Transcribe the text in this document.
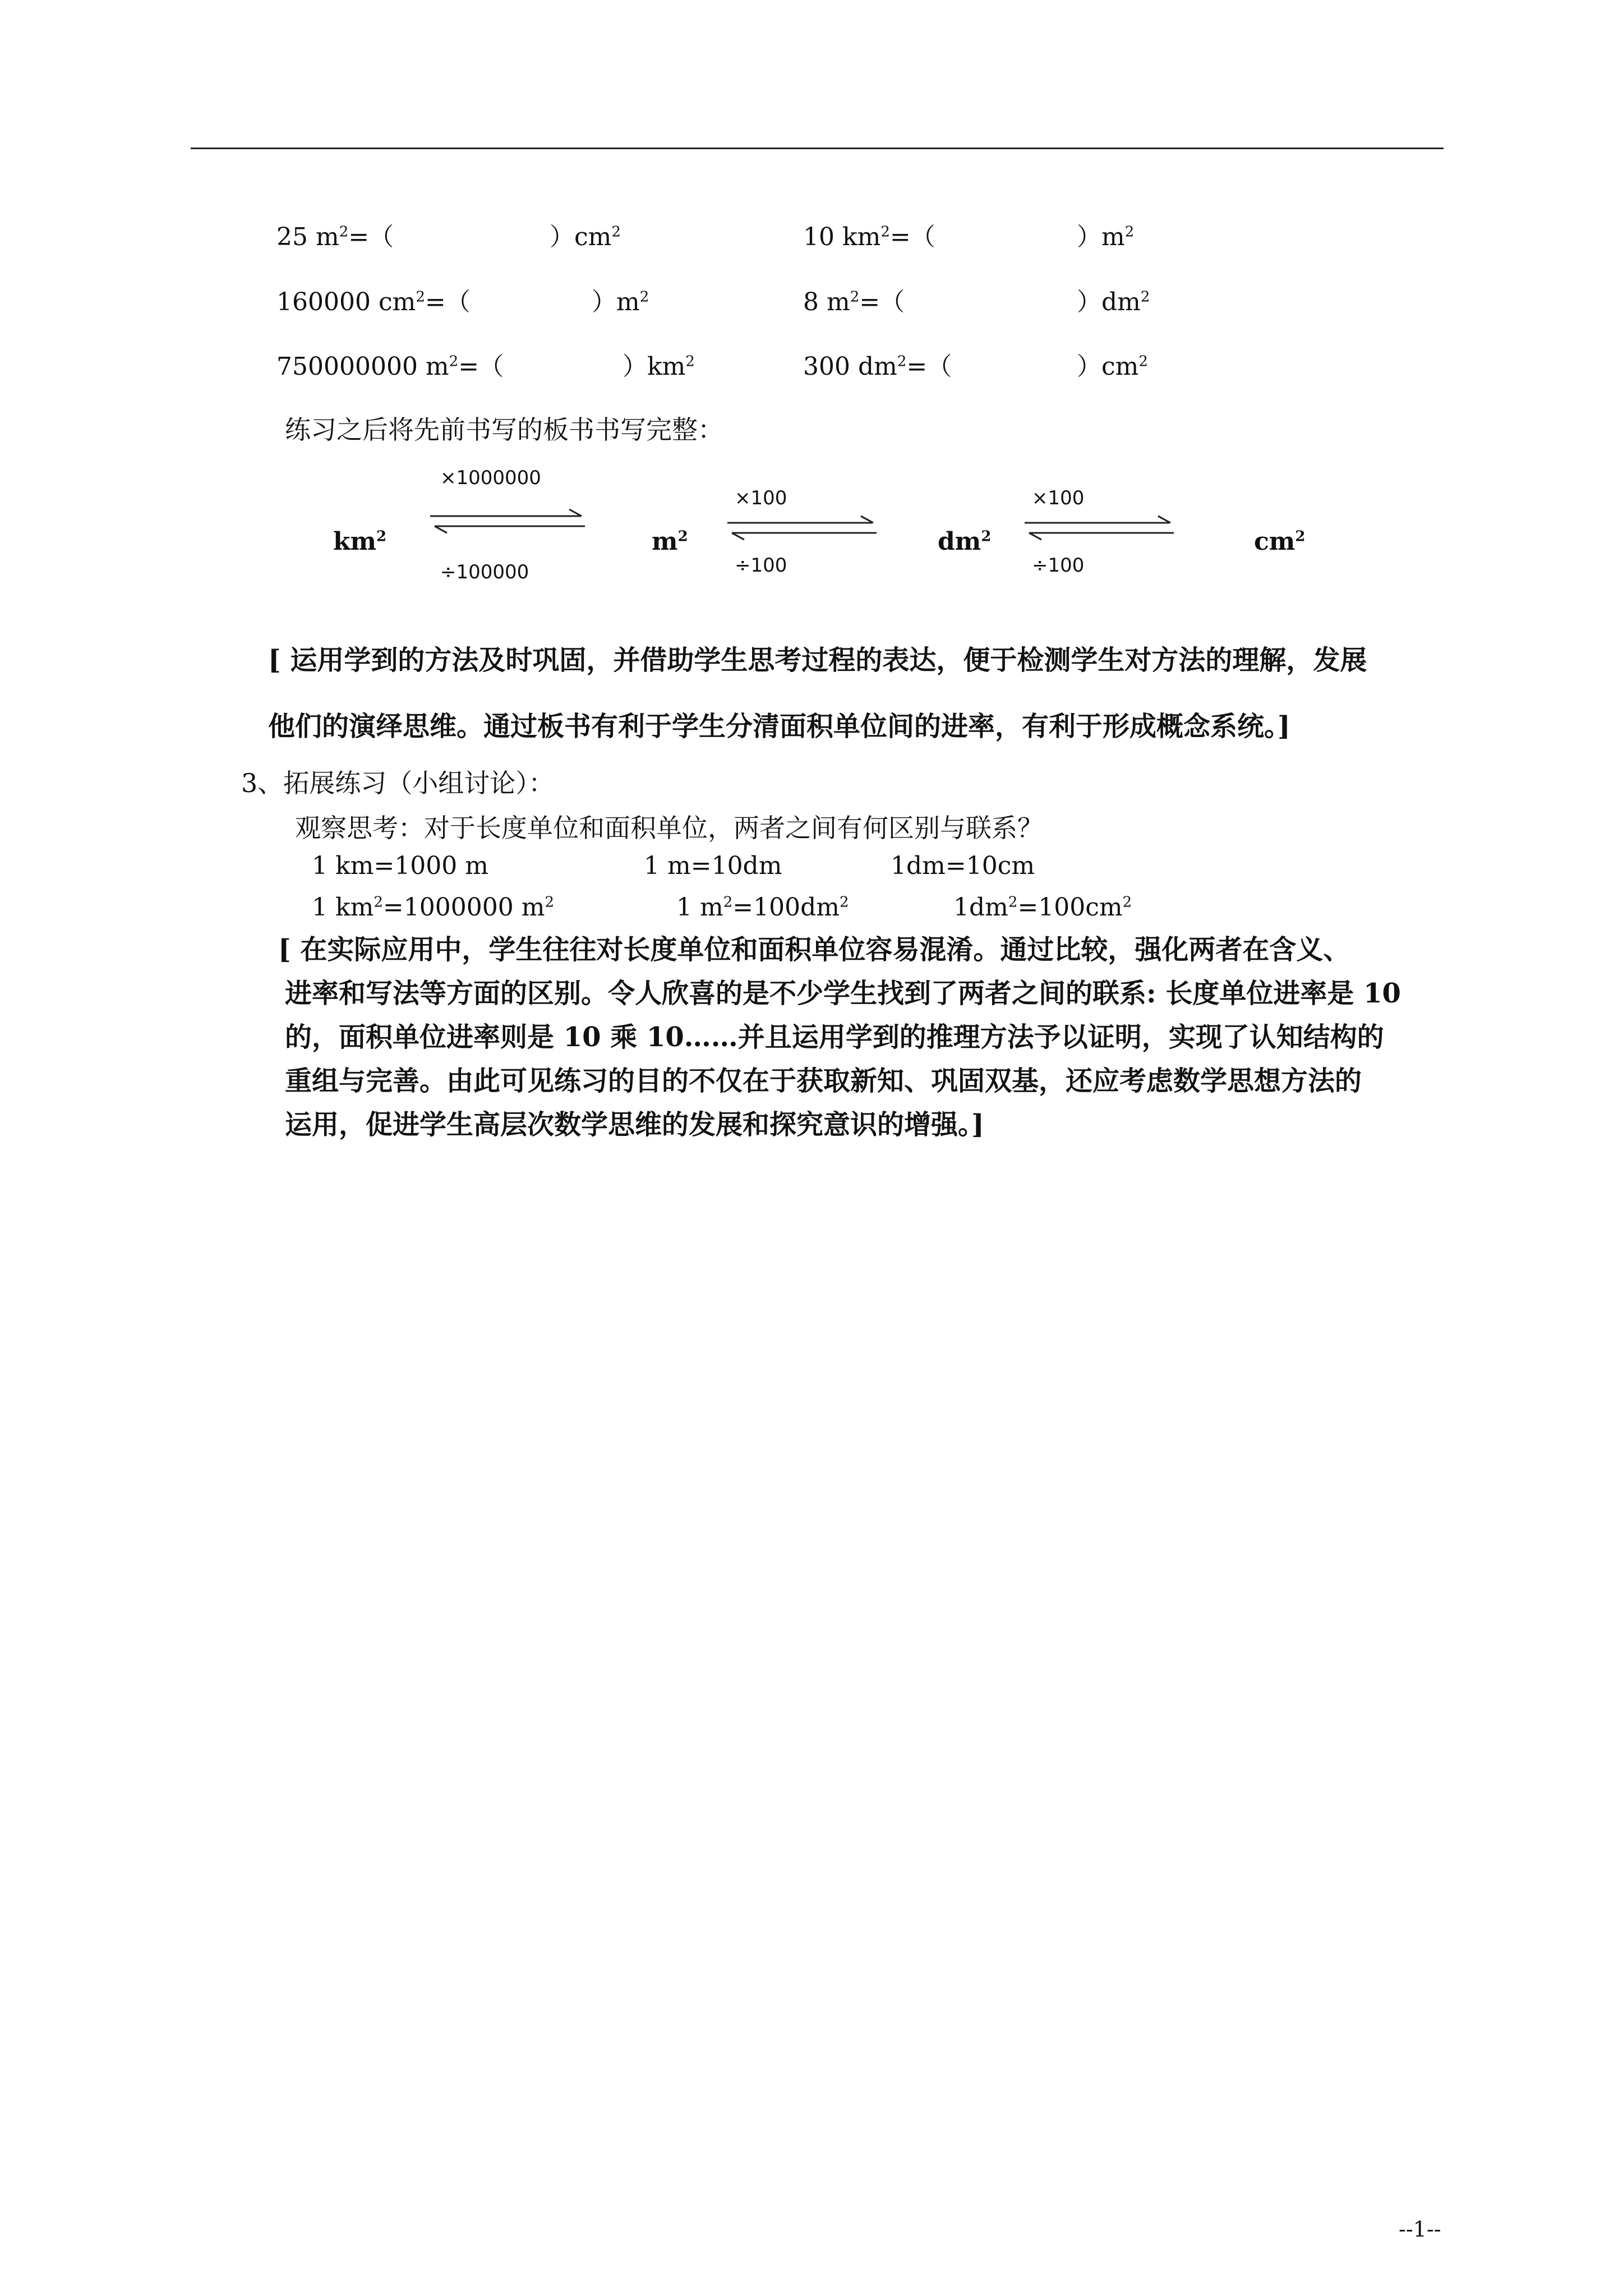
25 $m^2=$（	）$cm^2$	10 $km^2=$（	）$m^2$
160000 $cm^2=$（	）$m^2$	8 $m^2=$（	）$dm^2$
750000000 $m^2=$（	）$km^2$	300 $dm^2=$（	）$cm^2$
练习之后将先前书写的板书书写完整：
$km^2$	$m^2$	$dm^2$	$cm^2$
×1000000
÷100000
×100
÷100
×100
÷100
[ 运用学到的方法及时巩固，并借助学生思考过程的表达，便于检测学生对方法的理解，发展
他们的演绎思维。通过板书有利于学生分清面积单位间的进率，有利于形成概念系统。]
3、拓展练习（小组讨论）：
观察思考：对于长度单位和面积单位，两者之间有何区别与联系？
1 km=1000 m	1 m=10dm	1dm=10cm
1 $km^2=1000000$ $m^2$	1 $m^2=100dm^2$	$1dm^2=100cm^2$
[ 在实际应用中，学生往往对长度单位和面积单位容易混淆。通过比较，强化两者在含义、
进率和写法等方面的区别。令人欣喜的是不少学生找到了两者之间的联系: 长度单位进率是 10
的，面积单位进率则是 10 乘 10……并且运用学到的推理方法予以证明，实现了认知结构的
重组与完善。由此可见练习的目的不仅在于获取新知、巩固双基，还应考虑数学思想方法的
运用，促进学生高层次数学思维的发展和探究意识的增强。]
--1--
